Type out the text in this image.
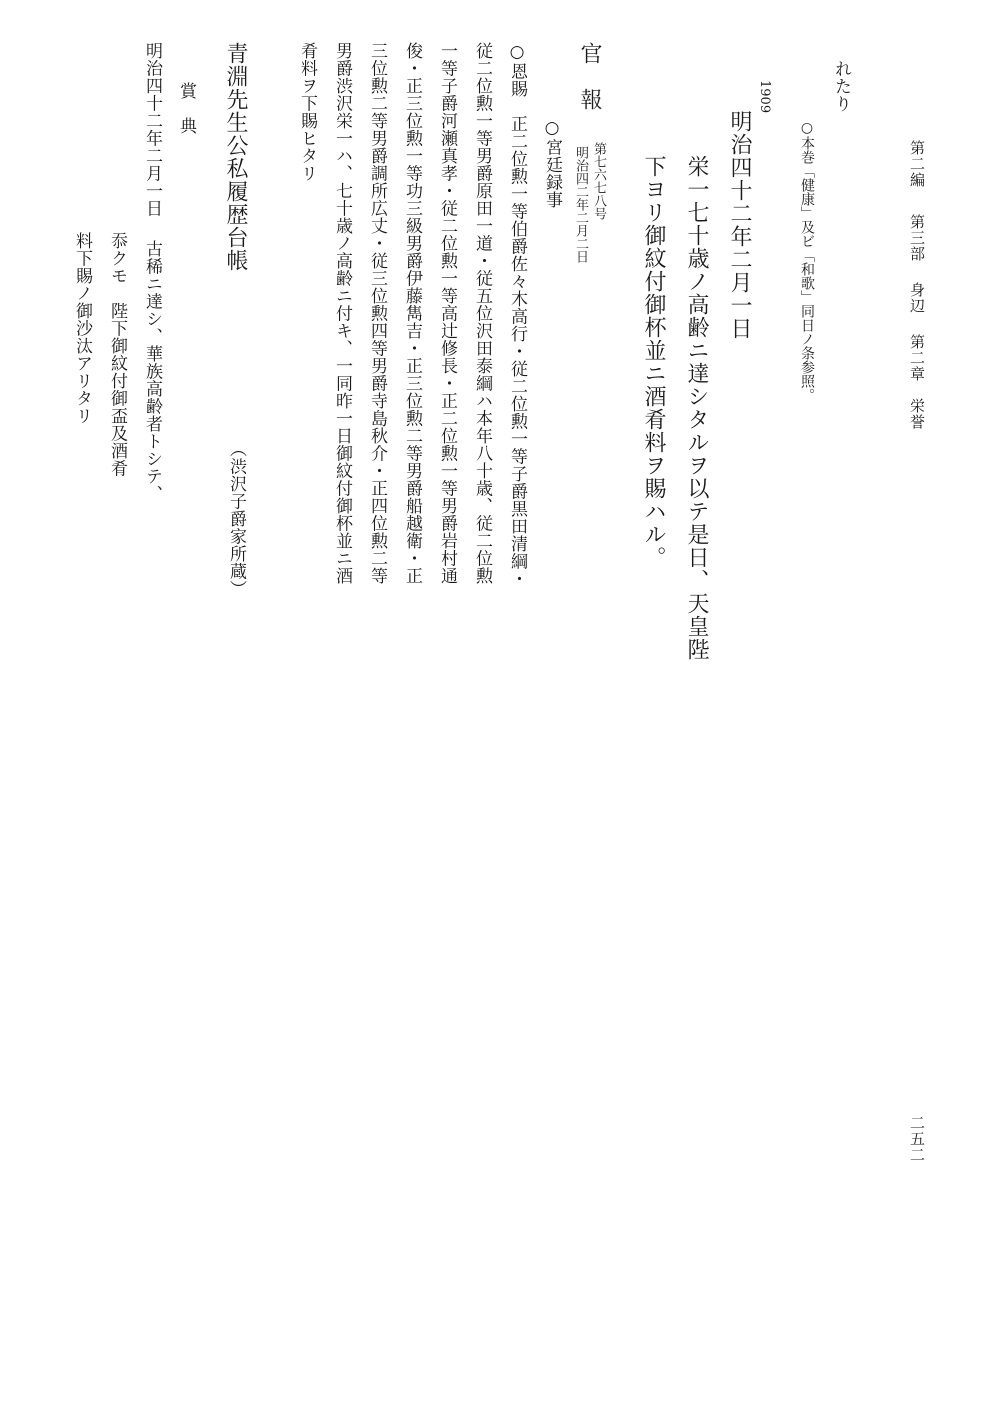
第二編第三部身辺第二章栄誉
二五二
れたり
○本巻「健康」及ビ「和歌」同日ノ条参照。
1909
明治四十二年二月一日
栄一七十歳ノ高齢ニ達シタルヲ以テ是日、天皇陛
下ヨリ御紋付御杯並ニ酒肴料ヲ賜ハル。
官　報
第七六七八号
明治四二年二月二日
○宮廷録事
○恩賜　正二位勲一等伯爵佐々木高行・従二位勲一等子爵黒田清綱・
従二位勲一等男爵原田一道・従五位沢田泰綱ハ本年八十歳、従二位勲
一等子爵河瀬真孝・従二位勲一等高辻修長・正二位勲一等男爵岩村通
俊・正三位勲一等功三級男爵伊藤雋吉・正三位勲二等男爵船越衛・正
三位勲二等男爵調所広丈・従三位勲四等男爵寺島秋介・正四位勲二等
男爵渋沢栄一ハ、七十歳ノ高齢ニ付キ、一同昨一日御紋付御杯並ニ酒
肴料ヲ下賜ヒタリ
青淵先生公私履歴台帳
（渋沢子爵家所蔵）
賞　典
明治四十二年二月一日
古稀ニ達シ、華族高齢者トシテ、
忝クモ　陛下御紋付御盃及酒肴
料下賜ノ御沙汰アリタリ
